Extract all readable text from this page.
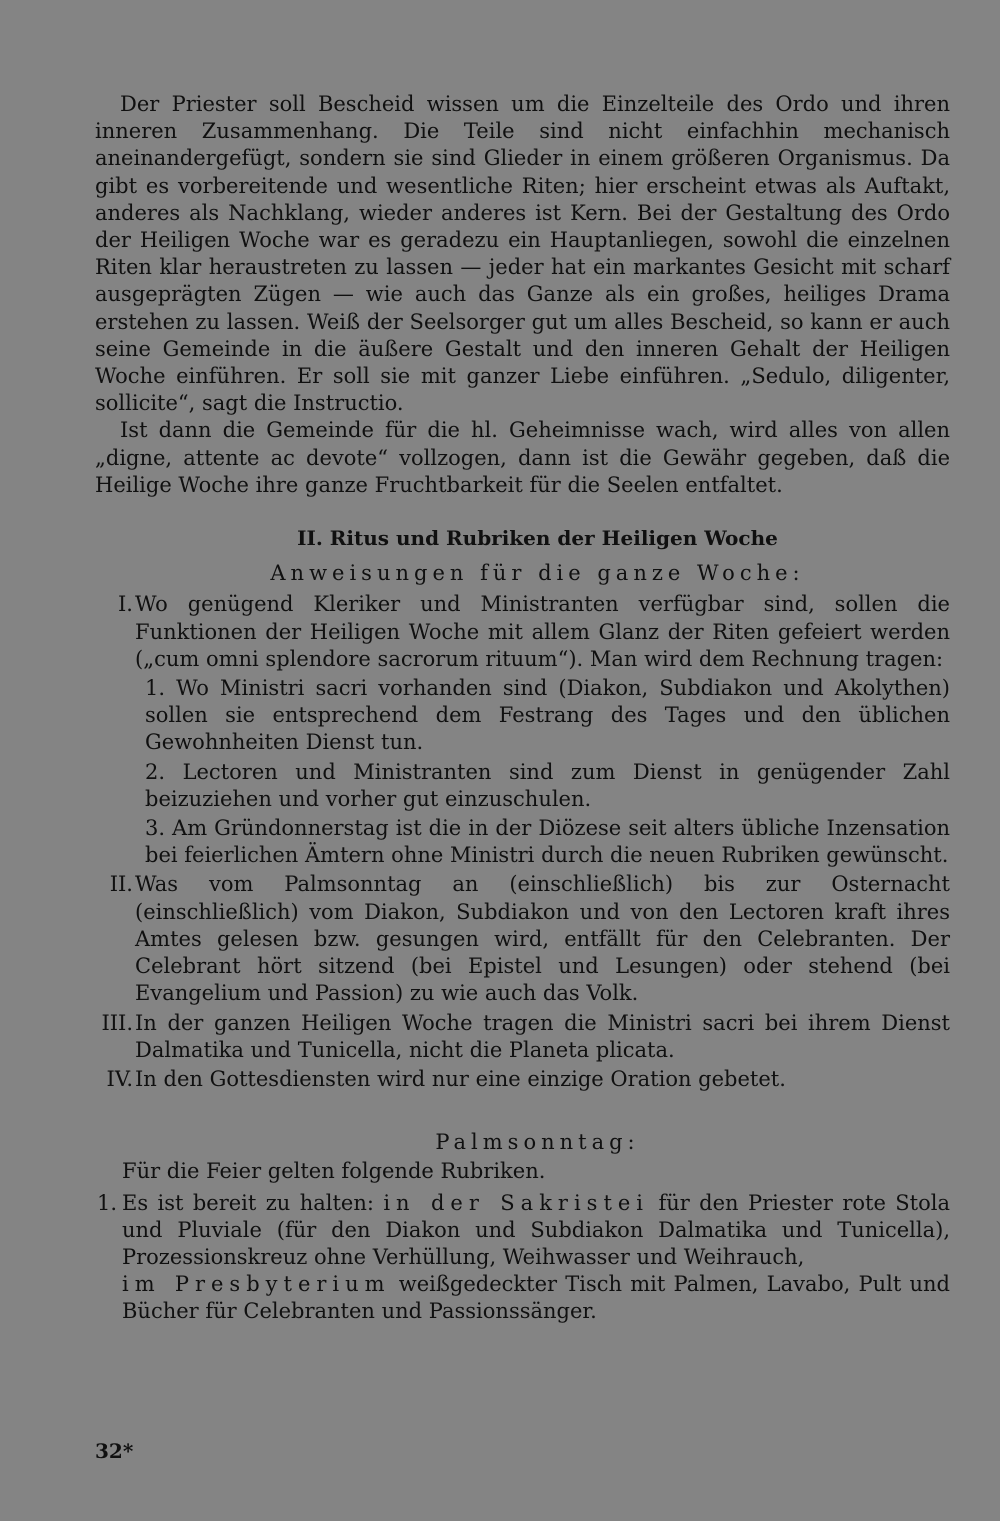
Der Priester soll Bescheid wissen um die Einzelteile des Ordo und ihren inneren Zusammenhang. Die Teile sind nicht einfachhin mechanisch aneinandergefügt, sondern sie sind Glieder in einem größeren Organismus. Da gibt es vorbereitende und wesentliche Riten; hier erscheint etwas als Auftakt, anderes als Nachklang, wieder anderes ist Kern. Bei der Gestaltung des Ordo der Heiligen Woche war es geradezu ein Hauptanliegen, sowohl die einzelnen Riten klar heraustreten zu lassen — jeder hat ein markantes Gesicht mit scharf ausgeprägten Zügen — wie auch das Ganze als ein großes, heiliges Drama erstehen zu lassen. Weiß der Seelsorger gut um alles Bescheid, so kann er auch seine Gemeinde in die äußere Gestalt und den inneren Gehalt der Heiligen Woche einführen. Er soll sie mit ganzer Liebe einführen. „Sedulo, diligenter, sollicite“, sagt die Instructio.

Ist dann die Gemeinde für die hl. Geheimnisse wach, wird alles von allen „digne, attente ac devote“ vollzogen, dann ist die Gewähr gegeben, daß die Heilige Woche ihre ganze Fruchtbarkeit für die Seelen entfaltet.

II. Ritus und Rubriken der Heiligen Woche

Anweisungen für die ganze Woche:

I. Wo genügend Kleriker und Ministranten verfügbar sind, sollen die Funktionen der Heiligen Woche mit allem Glanz der Riten gefeiert werden („cum omni splendore sacrorum rituum“). Man wird dem Rechnung tragen:

1. Wo Ministri sacri vorhanden sind (Diakon, Subdiakon und Akolythen) sollen sie entsprechend dem Festrang des Tages und den üblichen Gewohnheiten Dienst tun.

2. Lectoren und Ministranten sind zum Dienst in genügender Zahl beizuziehen und vorher gut einzuschulen.

3. Am Gründonnerstag ist die in der Diözese seit alters übliche Inzensation bei feierlichen Ämtern ohne Ministri durch die neuen Rubriken gewünscht.

II. Was vom Palmsonntag an (einschließlich) bis zur Osternacht (einschließlich) vom Diakon, Subdiakon und von den Lectoren kraft ihres Amtes gelesen bzw. gesungen wird, entfällt für den Celebranten. Der Celebrant hört sitzend (bei Epistel und Lesungen) oder stehend (bei Evangelium und Passion) zu wie auch das Volk.
III. In der ganzen Heiligen Woche tragen die Ministri sacri bei ihrem Dienst Dalmatika und Tunicella, nicht die Planeta plicata.
IV. In den Gottesdiensten wird nur eine einzige Oration gebetet.

Palmsonntag:

Für die Feier gelten folgende Rubriken.

1. Es ist bereit zu halten: in der Sakristei für den Priester rote Stola und Pluviale (für den Diakon und Subdiakon Dalmatika und Tunicella), Prozessionskreuz ohne Verhüllung, Weihwasser und Weihrauch,
im Presbyterium weißgedeckter Tisch mit Palmen, Lavabo, Pult und Bücher für Celebranten und Passionssänger.
32*
